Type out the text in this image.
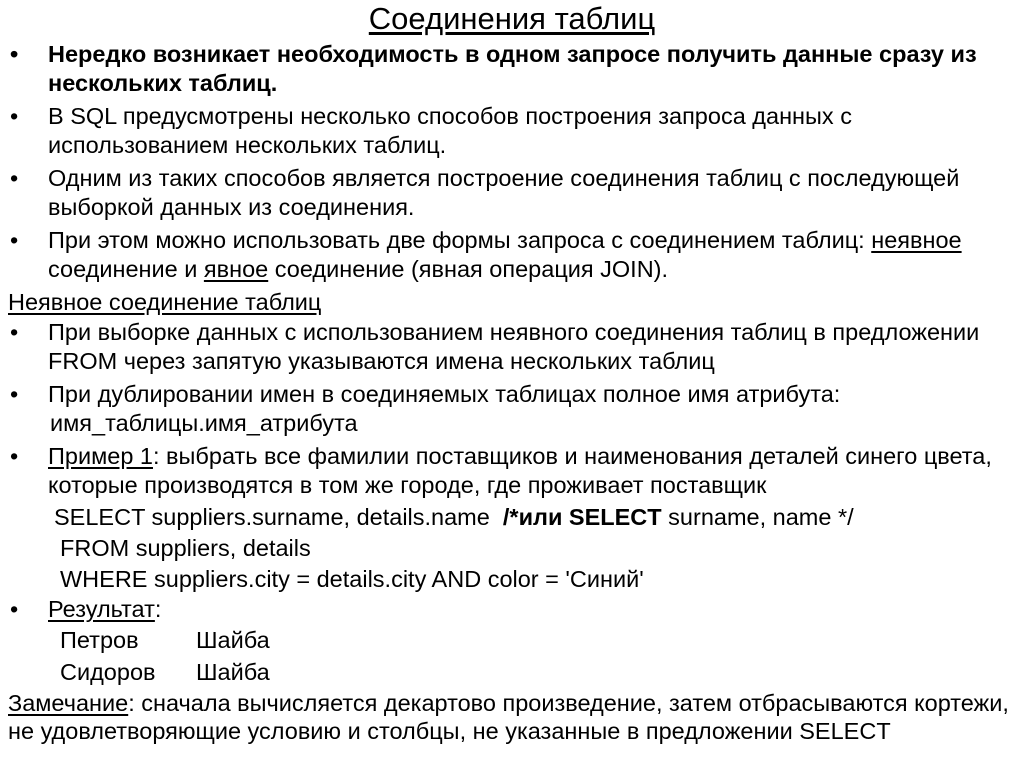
Соединения таблиц
• Нередко возникает необходимость в одном запросе получить данные сразу из нескольких таблиц.
• В SQL предусмотрены несколько способов построения запроса данных с использованием нескольких таблиц.
• Одним из таких способов является построение соединения таблиц с последующей выборкой данных из соединения.
• При этом можно использовать две формы запроса с соединением таблиц: неявное соединение и явное соединение (явная операция JOIN).
Неявное соединение таблиц
• При выборке данных с использованием неявного соединения таблиц в предложении FROM через запятую указываются имена нескольких таблиц
• При дублировании имен в соединяемых таблицах полное имя атрибута:
имя_таблицы.имя_атрибута
• Пример 1: выбрать все фамилии поставщиков и наименования деталей синего цвета, которые производятся в том же городе, где проживает поставщик
SELECT suppliers.surname, details.name /*или SELECT surname, name */
FROM suppliers, details
WHERE suppliers.city = details.city AND color = 'Синий'
• Результат:
Петров Шайба
Сидоров Шайба
Замечание: сначала вычисляется декартово произведение, затем отбрасываются кортежи, не удовлетворяющие условию и столбцы, не указанные в предложении SELECT
